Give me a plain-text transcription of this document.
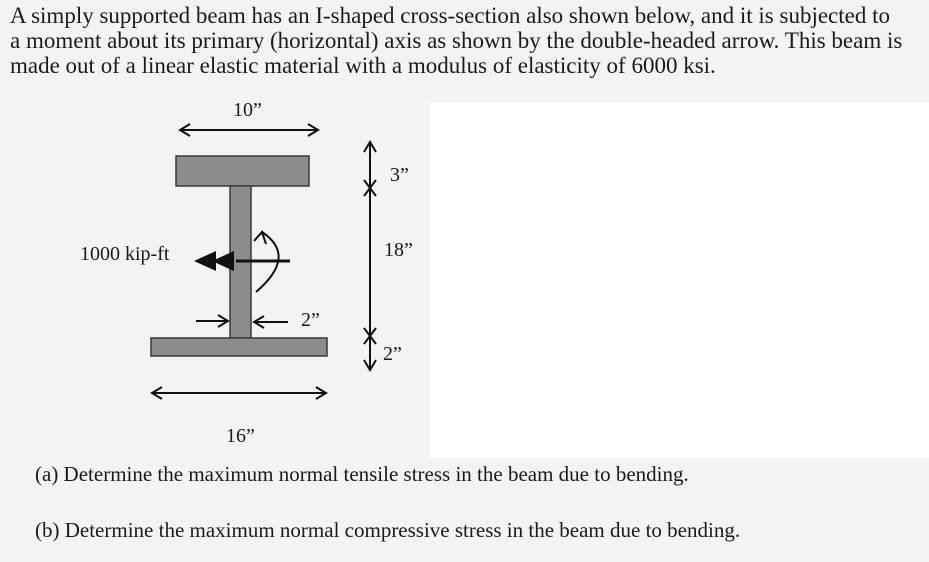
A simply supported beam has an I-shaped cross-section also shown below, and it is subjected to
a moment about its primary (horizontal) axis as shown by the double-headed arrow. This beam is
made out of a linear elastic material with a modulus of elasticity of 6000 ksi.
10”
1000 kip-ft
3”
18”
2”
2”
16”
(a) Determine the maximum normal tensile stress in the beam due to bending.
(b) Determine the maximum normal compressive stress in the beam due to bending.
